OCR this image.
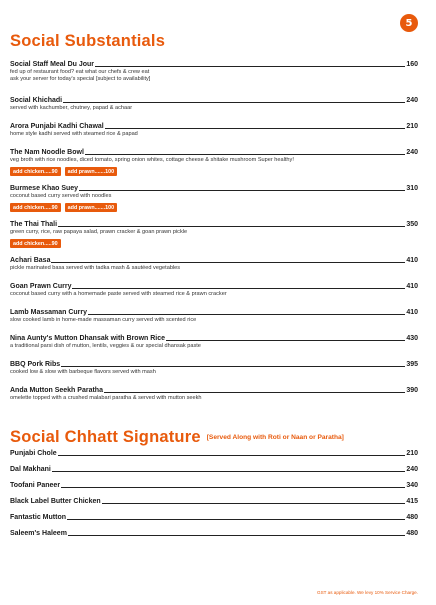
5
Social Substantials
Social Staff Meal Du Jour	160
fed up of restaurant food? eat what our chefs & crew eat
ask your server for today's special [subject to availability]
Social Khichadi	240
served with kachumber, chutney, papad & achaar
Arora Punjabi Kadhi Chawal	210
home style kadhi served with steamed rice & papad
The Nam Noodle Bowl	240
veg broth with rice noodles, diced tomato, spring onion whites, cottage cheese & shitake mushroom Super healthy!
add chicken.....90	add prawn.......100
Burmese Khao Suey	310
coconut based curry served with noodles
add chicken.....90	add prawn.......100
The Thai Thali	350
green curry, rice, raw papaya salad, prawn cracker & goan prawn pickle
add chicken.....90
Achari Basa	410
pickle marinated basa served with tadka mash & sautéed vegetables
Goan Prawn Curry	410
coconut based curry with a homemade paste served with steamed rice & prawn cracker
Lamb Massaman Curry	410
slow cooked lamb in home-made massaman curry served with scented rice
Nina Aunty's Mutton Dhansak with Brown Rice	430
a traditional parsi dish of mutton, lentils, veggies & our special dhansak paste
BBQ Pork Ribs	395
cooked low & slow with barbeque flavors served with mash
Anda Mutton Seekh Paratha	390
omelette topped with a crushed malabari paratha & served with mutton seekh
Social Chhatt Signature [Served Along with Roti or Naan or Paratha]
Punjabi Chole	210
Dal Makhani	240
Toofani Paneer	340
Black Label Butter Chicken	415
Fantastic Mutton	480
Saleem's Haleem	480
GST as applicable. We levy 10% Service Charge.
